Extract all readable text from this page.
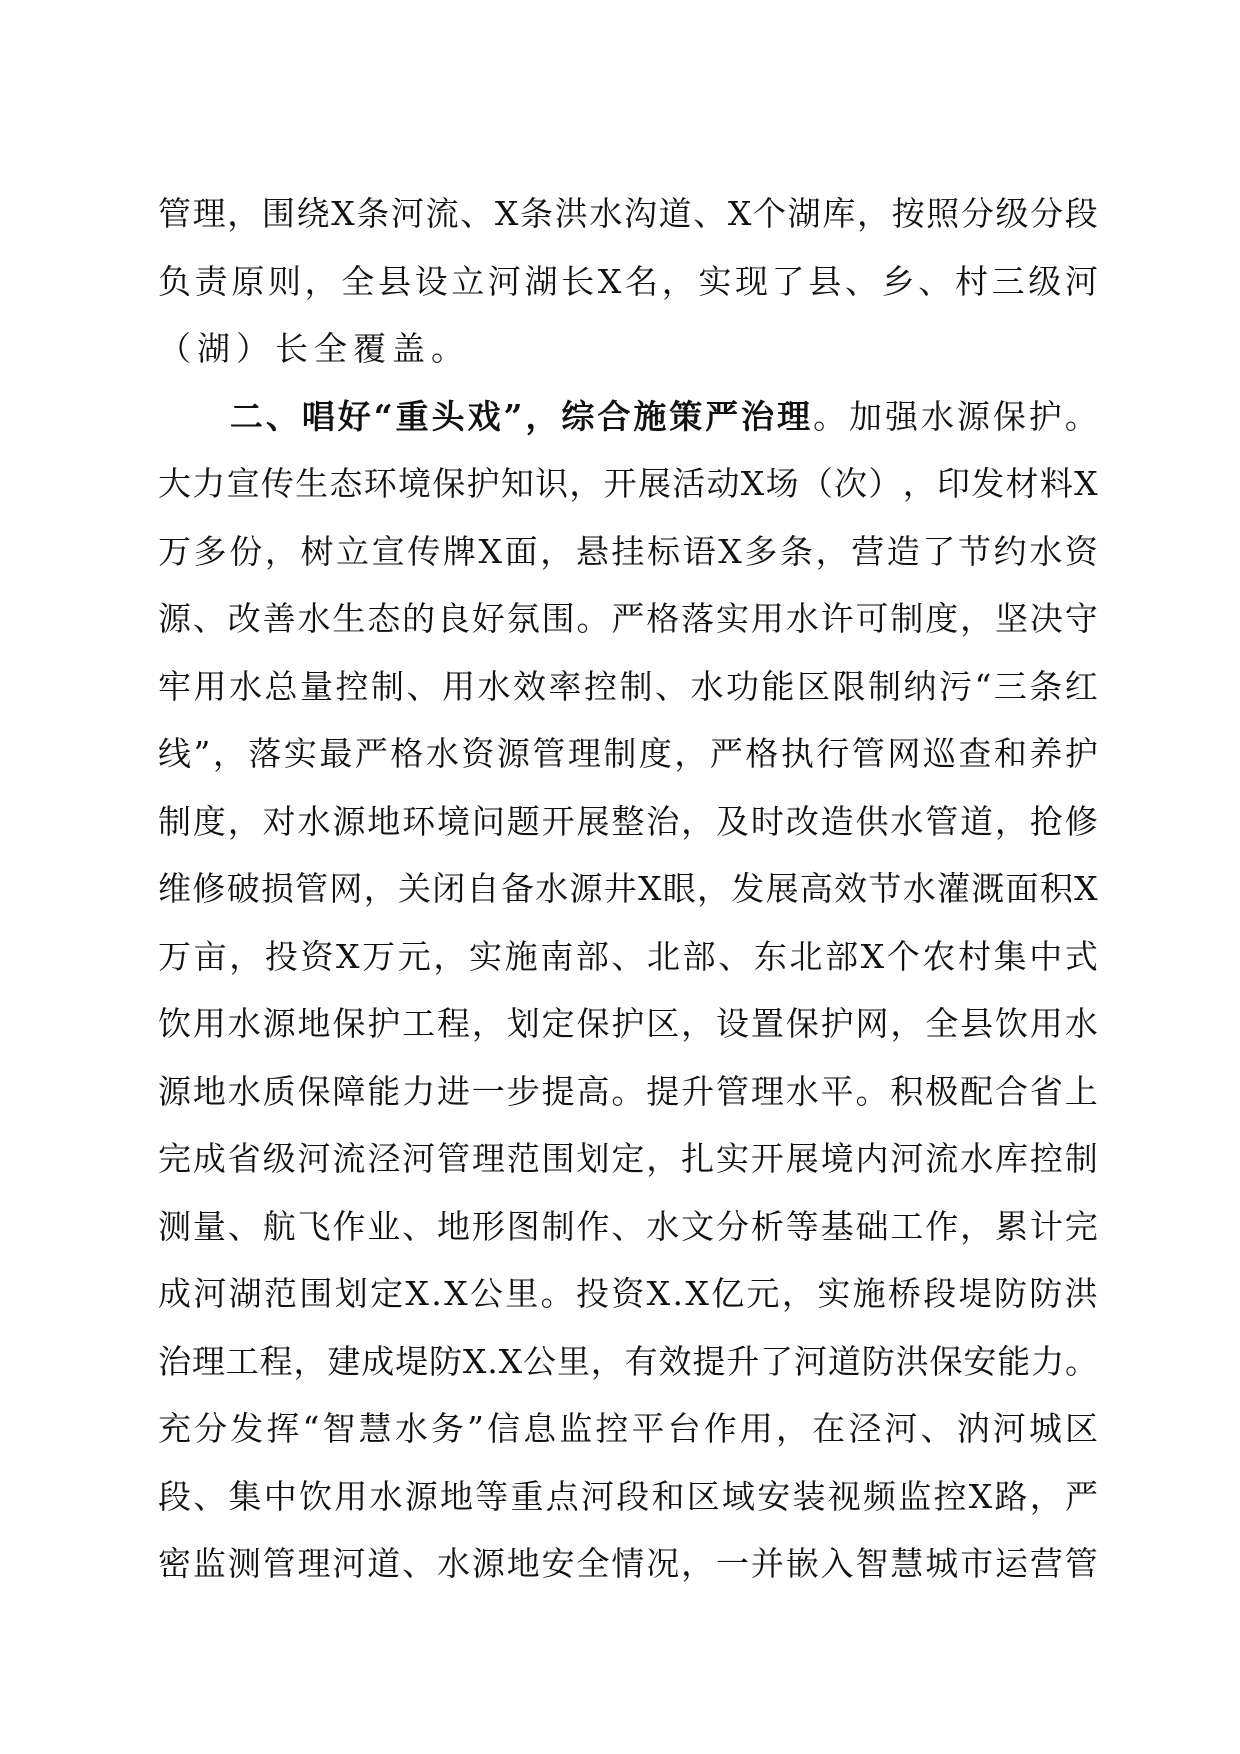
管 理 ， 围 绕 X 条 河 流 、 X 条 洪 水 沟 道 、 X 个 湖 库 ， 按 照 分 级 分 段
负 责 原 则 ， 全 县 设 立 河 湖 长 X 名 ， 实 现 了 县 、 乡 、 村 三 级 河
（ 湖 ） 长 全 覆 盖 。

二 、 唱 好 “ 重 头 戏 ” ， 综 合 施 策 严 治 理 。 加 强 水 源 保 护 。
大 力 宣 传 生 态 环 境 保 护 知 识 ， 开 展 活 动 X 场 （ 次 ） ， 印 发 材 料 X
万 多 份 ， 树 立 宣 传 牌 X 面 ， 悬 挂 标 语 X 多 条 ， 营 造 了 节 约 水 资
源 、 改 善 水 生 态 的 良 好 氛 围 。 严 格 落 实 用 水 许 可 制 度 ， 坚 决 守
牢 用 水 总 量 控 制 、 用 水 效 率 控 制 、 水 功 能 区 限 制 纳 污 “ 三 条 红
线 ” ， 落 实 最 严 格 水 资 源 管 理 制 度 ， 严 格 执 行 管 网 巡 查 和 养 护
制 度 ， 对 水 源 地 环 境 问 题 开 展 整 治 ， 及 时 改 造 供 水 管 道 ， 抢 修
维 修 破 损 管 网 ， 关 闭 自 备 水 源 井 X 眼 ， 发 展 高 效 节 水 灌 溉 面 积 X
万 亩 ， 投 资 X 万 元 ， 实 施 南 部 、 北 部 、 东 北 部 X 个 农 村 集 中 式
饮 用 水 源 地 保 护 工 程 ， 划 定 保 护 区 ， 设 置 保 护 网 ， 全 县 饮 用 水
源 地 水 质 保 障 能 力 进 一 步 提 高 。 提 升 管 理 水 平 。 积 极 配 合 省 上
完 成 省 级 河 流 泾 河 管 理 范 围 划 定 ， 扎 实 开 展 境 内 河 流 水 库 控 制
测 量 、 航 飞 作 业 、 地 形 图 制 作 、 水 文 分 析 等 基 础 工 作 ， 累 计 完
成 河 湖 范 围 划 定 X . X 公 里 。 投 资 X . X 亿 元 ， 实 施 桥 段 堤 防 防 洪
治 理 工 程 ， 建 成 堤 防 X . X 公 里 ， 有 效 提 升 了 河 道 防 洪 保 安 能 力 。
充 分 发 挥 “ 智 慧 水 务 ” 信 息 监 控 平 台 作 用 ， 在 泾 河 、 汭 河 城 区
段 、 集 中 饮 用 水 源 地 等 重 点 河 段 和 区 域 安 装 视 频 监 控 X 路 ， 严
密 监 测 管 理 河 道 、 水 源 地 安 全 情 况 ， 一 并 嵌 入 智 慧 城 市 运 营 管
